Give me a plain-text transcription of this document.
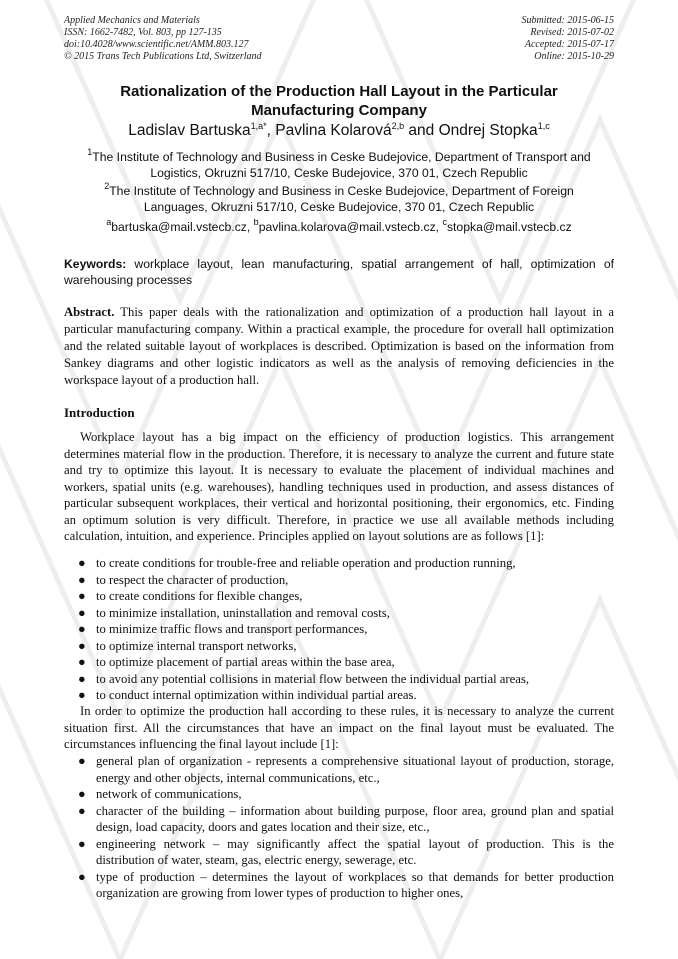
Applied Mechanics and Materials
ISSN: 1662-7482, Vol. 803, pp 127-135
doi:10.4028/www.scientific.net/AMM.803.127
© 2015 Trans Tech Publications Ltd, Switzerland
Submitted: 2015-06-15
Revised: 2015-07-02
Accepted: 2015-07-17
Online: 2015-10-29
Rationalization of the Production Hall Layout in the Particular
Manufacturing Company
Ladislav Bartuska$^{1,a*}$, Pavlina Kolarová$^{2,b}$ and Ondrej Stopka$^{1,c}$
$^1$The Institute of Technology and Business in Ceske Budejovice, Department of Transport and
Logistics, Okruzni 517/10, Ceske Budejovice, 370 01, Czech Republic
$^2$The Institute of Technology and Business in Ceske Budejovice, Department of Foreign
Languages, Okruzni 517/10, Ceske Budejovice, 370 01, Czech Republic
$^a$bartuska@mail.vstecb.cz, $^b$pavlina.kolarova@mail.vstecb.cz, $^c$stopka@mail.vstecb.cz
Keywords: workplace layout, lean manufacturing, spatial arrangement of hall, optimization of warehousing processes
Abstract. This paper deals with the rationalization and optimization of a production hall layout in a particular manufacturing company. Within a practical example, the procedure for overall hall optimization and the related suitable layout of workplaces is described. Optimization is based on the information from Sankey diagrams and other logistic indicators as well as the analysis of removing deficiencies in the workspace layout of a production hall.
Introduction
Workplace layout has a big impact on the efficiency of production logistics. This arrangement determines material flow in the production. Therefore, it is necessary to analyze the current and future state and try to optimize this layout. It is necessary to evaluate the placement of individual machines and workers, spatial units (e.g. warehouses), handling techniques used in production, and assess distances of particular subsequent workplaces, their vertical and horizontal positioning, their ergonomics, etc. Finding an optimum solution is very difficult. Therefore, in practice we use all available methods including calculation, intuition, and experience. Principles applied on layout solutions are as follows [1]:
● to create conditions for trouble-free and reliable operation and production running,
● to respect the character of production,
● to create conditions for flexible changes,
● to minimize installation, uninstallation and removal costs,
● to minimize traffic flows and transport performances,
● to optimize internal transport networks,
● to optimize placement of partial areas within the base area,
● to avoid any potential collisions in material flow between the individual partial areas,
● to conduct internal optimization within individual partial areas.
In order to optimize the production hall according to these rules, it is necessary to analyze the current situation first. All the circumstances that have an impact on the final layout must be evaluated. The circumstances influencing the final layout include [1]:
● general plan of organization - represents a comprehensive situational layout of production, storage, energy and other objects, internal communications, etc.,
● network of communications,
● character of the building – information about building purpose, floor area, ground plan and spatial design, load capacity, doors and gates location and their size, etc.,
● engineering network – may significantly affect the spatial layout of production. This is the distribution of water, steam, gas, electric energy, sewerage, etc.
● type of production – determines the layout of workplaces so that demands for better production organization are growing from lower types of production to higher ones,
